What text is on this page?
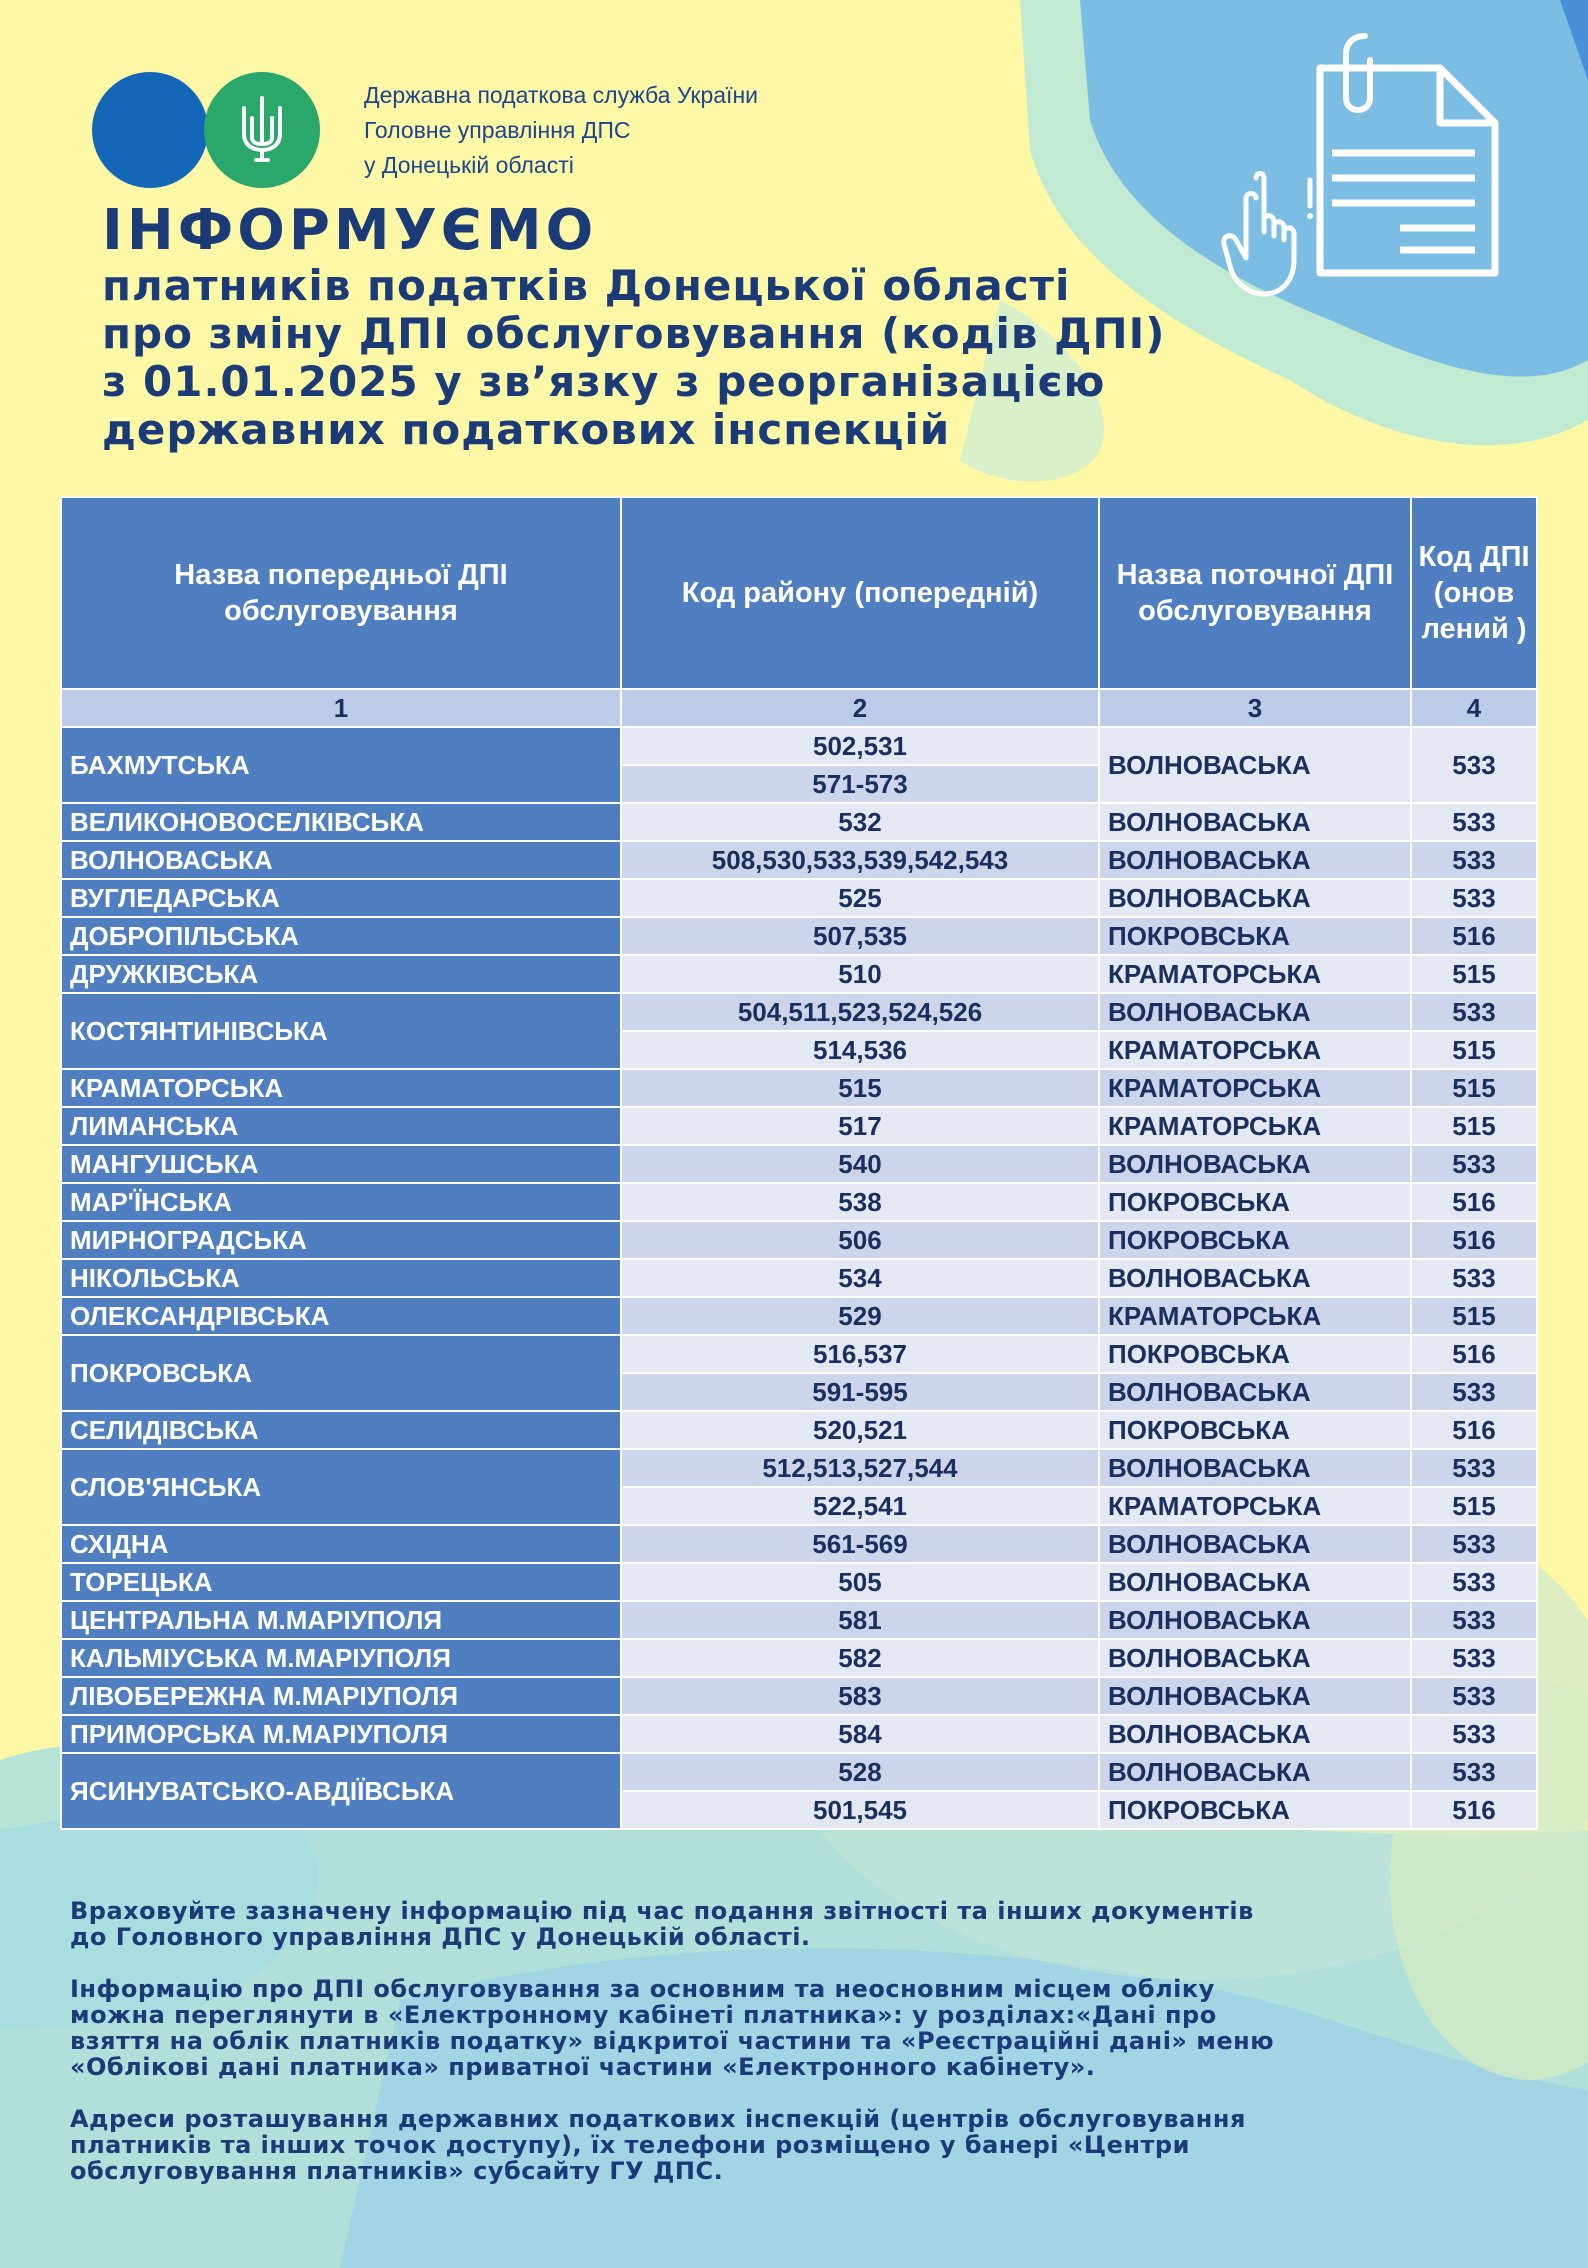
Державна податкова служба України
Головне управління ДПС
у Донецькій області
ІНФОРМУЄМО
платників податків Донецької області
про зміну ДПІ обслуговування (кодів ДПІ)
з 01.01.2025 у звʼязку з реорганізацією
державних податкових інспекцій
Назва попередньої ДПІ обслуговування	Код району (попередній)	Назва поточної ДПІ обслуговування	Код ДПІ (онов лений )
1	2	3	4
БАХМУТСЬКА	502,531	ВОЛНОВАСЬКА	533
	571-573		
ВЕЛИКОНОВОСЕЛКІВСЬКА	532	ВОЛНОВАСЬКА	533
ВОЛНОВАСЬКА	508,530,533,539,542,543	ВОЛНОВАСЬКА	533
ВУГЛЕДАРСЬКА	525	ВОЛНОВАСЬКА	533
ДОБРОПІЛЬСЬКА	507,535	ПОКРОВСЬКА	516
ДРУЖКІВСЬКА	510	КРАМАТОРСЬКА	515
КОСТЯНТИНІВСЬКА	504,511,523,524,526	ВОЛНОВАСЬКА	533
	514,536	КРАМАТОРСЬКА	515
КРАМАТОРСЬКА	515	КРАМАТОРСЬКА	515
ЛИМАНСЬКА	517	КРАМАТОРСЬКА	515
МАНГУШСЬКА	540	ВОЛНОВАСЬКА	533
МАР'ЇНСЬКА	538	ПОКРОВСЬКА	516
МИРНОГРАДСЬКА	506	ПОКРОВСЬКА	516
НІКОЛЬСЬКА	534	ВОЛНОВАСЬКА	533
ОЛЕКСАНДРІВСЬКА	529	КРАМАТОРСЬКА	515
ПОКРОВСЬКА	516,537	ПОКРОВСЬКА	516
	591-595	ВОЛНОВАСЬКА	533
СЕЛИДІВСЬКА	520,521	ПОКРОВСЬКА	516
СЛОВ'ЯНСЬКА	512,513,527,544	ВОЛНОВАСЬКА	533
	522,541	КРАМАТОРСЬКА	515
СХІДНА	561-569	ВОЛНОВАСЬКА	533
ТОРЕЦЬКА	505	ВОЛНОВАСЬКА	533
ЦЕНТРАЛЬНА М.МАРІУПОЛЯ	581	ВОЛНОВАСЬКА	533
КАЛЬМІУСЬКА М.МАРІУПОЛЯ	582	ВОЛНОВАСЬКА	533
ЛІВОБЕРЕЖНА М.МАРІУПОЛЯ	583	ВОЛНОВАСЬКА	533
ПРИМОРСЬКА М.МАРІУПОЛЯ	584	ВОЛНОВАСЬКА	533
ЯСИНУВАТСЬКО-АВДІЇВСЬКА	528	ВОЛНОВАСЬКА	533
	501,545	ПОКРОВСЬКА	516

Враховуйте зазначену інформацію під час подання звітності та інших документів
до Головного управління ДПС у Донецькій області.

Інформацію про ДПІ обслуговування за основним та неосновним місцем обліку
можна переглянути в «Електронному кабінеті платника»: у розділах:«Дані про
взяття на облік платників податку» відкритої частини та «Реєстраційні дані» меню
«Облікові дані платника» приватної частини «Електронного кабінету».

Адреси розташування державних податкових інспекцій (центрів обслуговування
платників та інших точок доступу), їх телефони розміщено у банері «Центри
обслуговування платників» субсайту ГУ ДПС.
